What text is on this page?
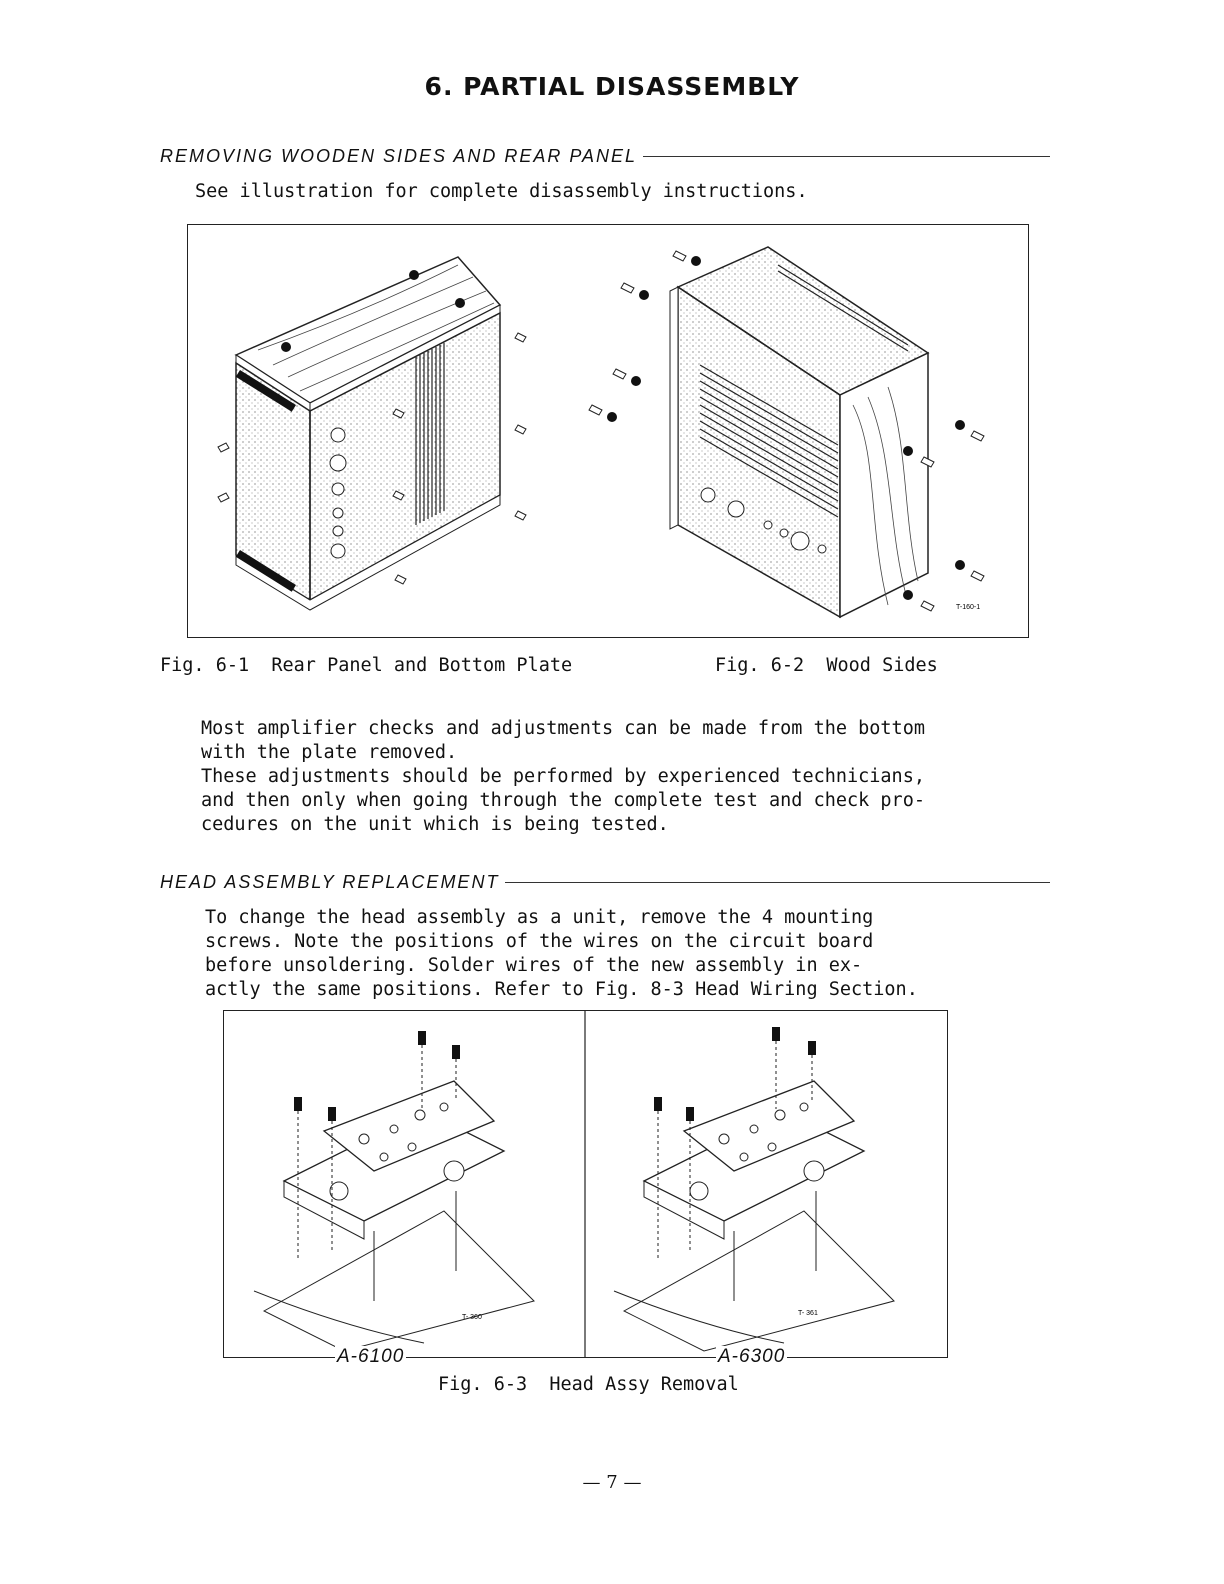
6. PARTIAL DISASSEMBLY
REMOVING WOODEN SIDES AND REAR PANEL
See illustration for complete disassembly instructions.
T-160-1
Fig. 6-1  Rear Panel and Bottom Plate	Fig. 6-2  Wood Sides
Most amplifier checks and adjustments can be made from the bottom
with the plate removed.
These adjustments should be performed by experienced technicians,
and then only when going through the complete test and check pro-
cedures on the unit which is being tested.
HEAD ASSEMBLY REPLACEMENT
To change the head assembly as a unit, remove the 4 mounting
screws. Note the positions of the wires on the circuit board
before unsoldering. Solder wires of the new assembly in ex-
actly the same positions. Refer to Fig. 8-3 Head Wiring Section.
T- 360
T- 361
A-6100	A-6300
Fig. 6-3  Head Assy Removal
— 7 —
